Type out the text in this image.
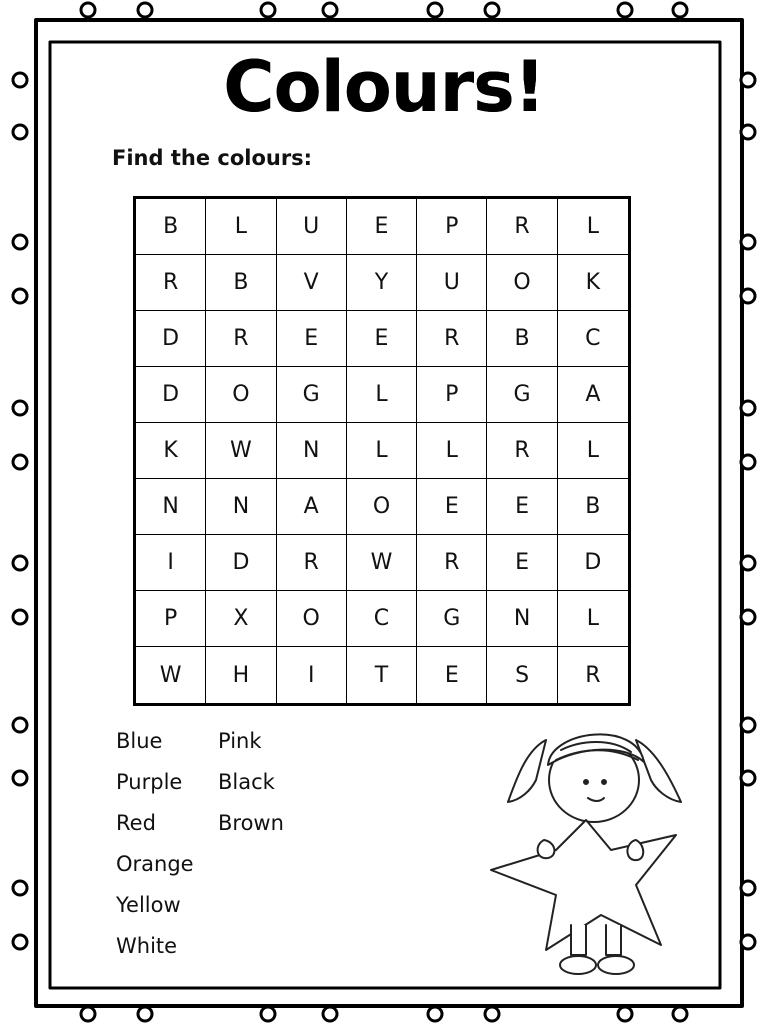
Colours!
Find the colours:
B	L	U	E	P	R	L
R	B	V	Y	U	O	K
D	R	E	E	R	B	C
D	O	G	L	P	G	A
K	W	N	L	L	R	L
N	N	A	O	E	E	B
I	D	R	W	R	E	D
P	X	O	C	G	N	L
W	H	I	T	E	S	R
Blue
Purple
Red
Orange
Yellow
White
Pink
Black
Brown
